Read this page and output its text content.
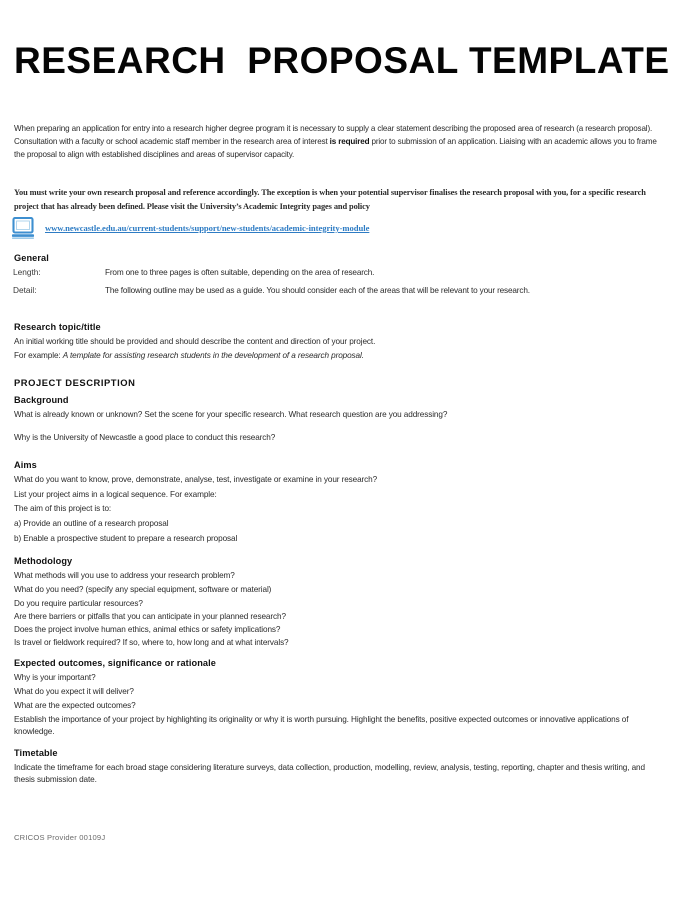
RESEARCH  PROPOSAL TEMPLATE
When preparing an application for entry into a research higher degree program it is necessary to supply a clear statement describing the proposed area of research (a research proposal). Consultation with a faculty or school academic staff member in the research area of interest is required prior to submission of an application. Liaising with an academic allows you to frame the proposal to align with established disciplines and areas of supervisor capacity.
You must write your own research proposal and reference accordingly. The exception is when your potential supervisor finalises the research proposal with you, for a specific research project that has already been defined. Please visit the University’s Academic Integrity pages and policy
www.newcastle.edu.au/current-students/support/new-students/academic-integrity-module
General
Length:	From one to three pages is often suitable, depending on the area of research.
Detail:	The following outline may be used as a guide. You should consider each of the areas that will be relevant to your research.
Research topic/title
An initial working title should be provided and should describe the content and direction of your project.
For example: A template for assisting research students in the development of a research proposal.
PROJECT DESCRIPTION
Background
What is already known or unknown? Set the scene for your specific research. What research question are you addressing?
Why is the University of Newcastle a good place to conduct this research?
Aims
What do you want to know, prove, demonstrate, analyse, test, investigate or examine in your research?
List your project aims in a logical sequence. For example:
The aim of this project is to:
a) Provide an outline of a research proposal
b) Enable a prospective student to prepare a research proposal
Methodology
What methods will you use to address your research problem?
What do you need? (specify any special equipment, software or material)
Do you require particular resources?
Are there barriers or pitfalls that you can anticipate in your planned research?
Does the project involve human ethics, animal ethics or safety implications?
Is travel or fieldwork required? If so, where to, how long and at what intervals?
Expected outcomes, significance or rationale
Why is your important?
What do you expect it will deliver?
What are the expected outcomes?
Establish the importance of your project by highlighting its originality or why it is worth pursuing. Highlight the benefits, positive expected outcomes or innovative applications of knowledge.
Timetable
Indicate the timeframe for each broad stage considering literature surveys, data collection, production, modelling, review, analysis, testing, reporting, chapter and thesis writing, and thesis submission date.
CRICOS Provider 00109J
